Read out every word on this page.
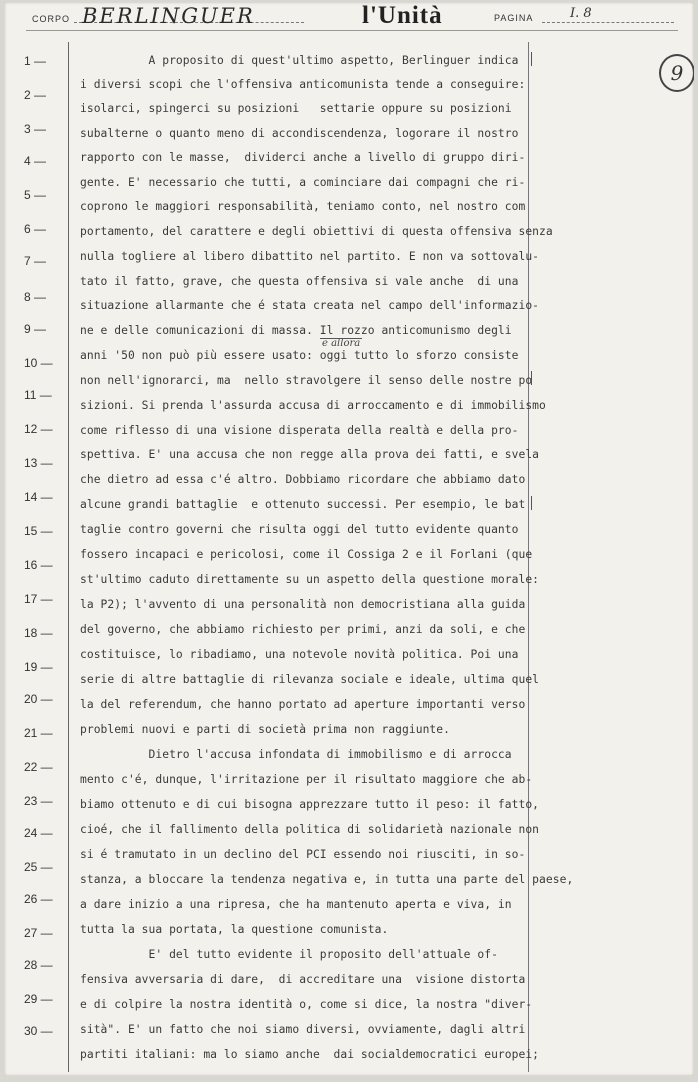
CORPO BERLINGUER	l'Unità	PAGINA	I. 8
9
1 —
2 —
3 —
4 —
5 —
6 —
7 —
8 —
9 —
10 —
11 —
12 —
13 —
14 —
15 —
16 —
17 —
18 —
19 —
20 —
21 —
22 —
23 —
24 —
25 —
26 —
27 —
28 —
29 —
30 —
e allora
A proposito di quest'ultimo aspetto, Berlinguer indica
i diversi scopi che l'offensiva anticomunista tende a conseguire:
isolarci, spingerci su posizioni   settarie oppure su posizioni
subalterne o quanto meno di accondiscendenza, logorare il nostro
rapporto con le masse,  dividerci anche a livello di gruppo diri-
gente. E' necessario che tutti, a cominciare dai compagni che ri-
coprono le maggiori responsabilità, teniamo conto, nel nostro com
portamento, del carattere e degli obiettivi di questa offensiva senza
nulla togliere al libero dibattito nel partito. E non va sottovalu-
tato il fatto, grave, che questa offensiva si vale anche  di una
situazione allarmante che é stata creata nel campo dell'informazio-
ne e delle comunicazioni di massa. Il rozzo anticomunismo degli
anni '50 non può più essere usato: oggi tutto lo sforzo consiste
non nell'ignorarci, ma  nello stravolgere il senso delle nostre po
sizioni. Si prenda l'assurda accusa di arroccamento e di immobilismo
come riflesso di una visione disperata della realtà e della pro-
spettiva. E' una accusa che non regge alla prova dei fatti, e svela
che dietro ad essa c'é altro. Dobbiamo ricordare che abbiamo dato
alcune grandi battaglie  e ottenuto successi. Per esempio, le bat
taglie contro governi che risulta oggi del tutto evidente quanto
fossero incapaci e pericolosi, come il Cossiga 2 e il Forlani (que
st'ultimo caduto direttamente su un aspetto della questione morale:
la P2); l'avvento di una personalità non democristiana alla guida
del governo, che abbiamo richiesto per primi, anzi da soli, e che
costituisce, lo ribadiamo, una notevole novità politica. Poi una
serie di altre battaglie di rilevanza sociale e ideale, ultima quel
la del referendum, che hanno portato ad aperture importanti verso
problemi nuovi e parti di società prima non raggiunte.
Dietro l'accusa infondata di immobilismo e di arrocca
mento c'é, dunque, l'irritazione per il risultato maggiore che ab-
biamo ottenuto e di cui bisogna apprezzare tutto il peso: il fatto,
cioé, che il fallimento della politica di solidarietà nazionale non
si é tramutato in un declino del PCI essendo noi riusciti, in so-
stanza, a bloccare la tendenza negativa e, in tutta una parte del paese,
a dare inizio a una ripresa, che ha mantenuto aperta e viva, in
tutta la sua portata, la questione comunista.
E' del tutto evidente il proposito dell'attuale of-
fensiva avversaria di dare,  di accreditare una  visione distorta
e di colpire la nostra identità o, come si dice, la nostra "diver-
sità". E' un fatto che noi siamo diversi, ovviamente, dagli altri
partiti italiani: ma lo siamo anche  dai socialdemocratici europei;
